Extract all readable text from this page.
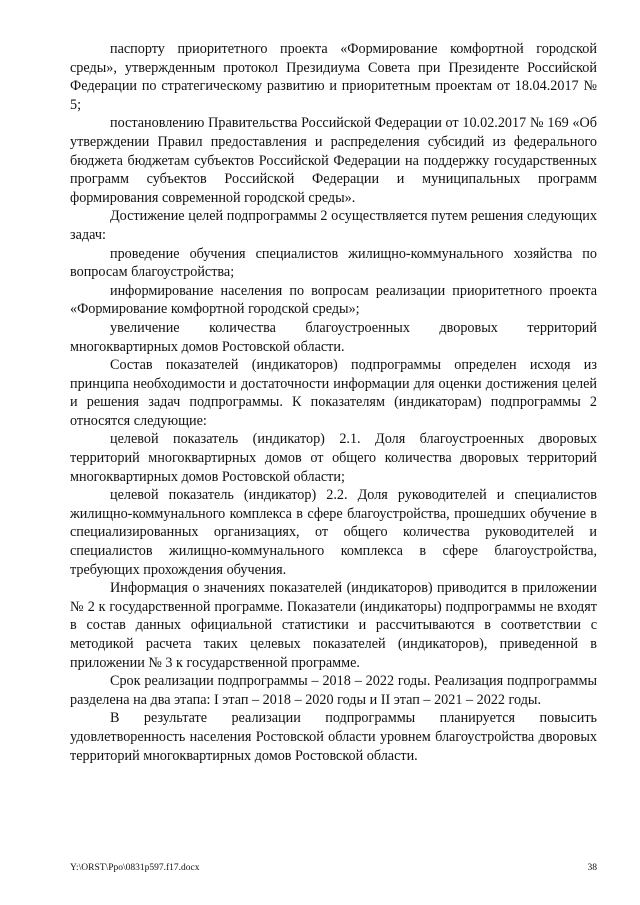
паспорту приоритетного проекта «Формирование комфортной городской среды», утвержденным протокол Президиума Совета при Президенте Российской Федерации по стратегическому развитию и приоритетным проектам от 18.04.2017 № 5;

постановлению Правительства Российской Федерации от 10.02.2017 № 169 «Об утверждении Правил предоставления и распределения субсидий из федерального бюджета бюджетам субъектов Российской Федерации на поддержку государственных программ субъектов Российской Федерации и муниципальных программ формирования современной городской среды».

Достижение целей подпрограммы 2 осуществляется путем решения следующих задач:

проведение обучения специалистов жилищно-коммунального хозяйства по вопросам благоустройства;

информирование населения по вопросам реализации приоритетного проекта «Формирование комфортной городской среды»;

увеличение количества благоустроенных дворовых территорий многоквартирных домов Ростовской области.

Состав показателей (индикаторов) подпрограммы определен исходя из принципа необходимости и достаточности информации для оценки достижения целей и решения задач подпрограммы. К показателям (индикаторам) подпрограммы 2 относятся следующие:

целевой показатель (индикатор) 2.1. Доля благоустроенных дворовых территорий многоквартирных домов от общего количества дворовых территорий многоквартирных домов Ростовской области;

целевой показатель (индикатор) 2.2. Доля руководителей и специалистов жилищно-коммунального комплекса в сфере благоустройства, прошедших обучение в специализированных организациях, от общего количества руководителей и специалистов жилищно-коммунального комплекса в сфере благоустройства, требующих прохождения обучения.

Информация о значениях показателей (индикаторов) приводится в приложении № 2 к государственной программе. Показатели (индикаторы) подпрограммы не входят в состав данных официальной статистики и рассчитываются в соответствии с методикой расчета таких целевых показателей (индикаторов), приведенной в приложении № 3 к государственной программе.

Срок реализации подпрограммы – 2018 – 2022 годы. Реализация подпрограммы разделена на два этапа: I этап – 2018 – 2020 годы и II этап – 2021 – 2022 годы.

В результате реализации подпрограммы планируется повысить удовлетворенность населения Ростовской области уровнем благоустройства дворовых территорий многоквартирных домов Ростовской области.

Y:\ORST\Ppo\0831p597.f17.docx	38
